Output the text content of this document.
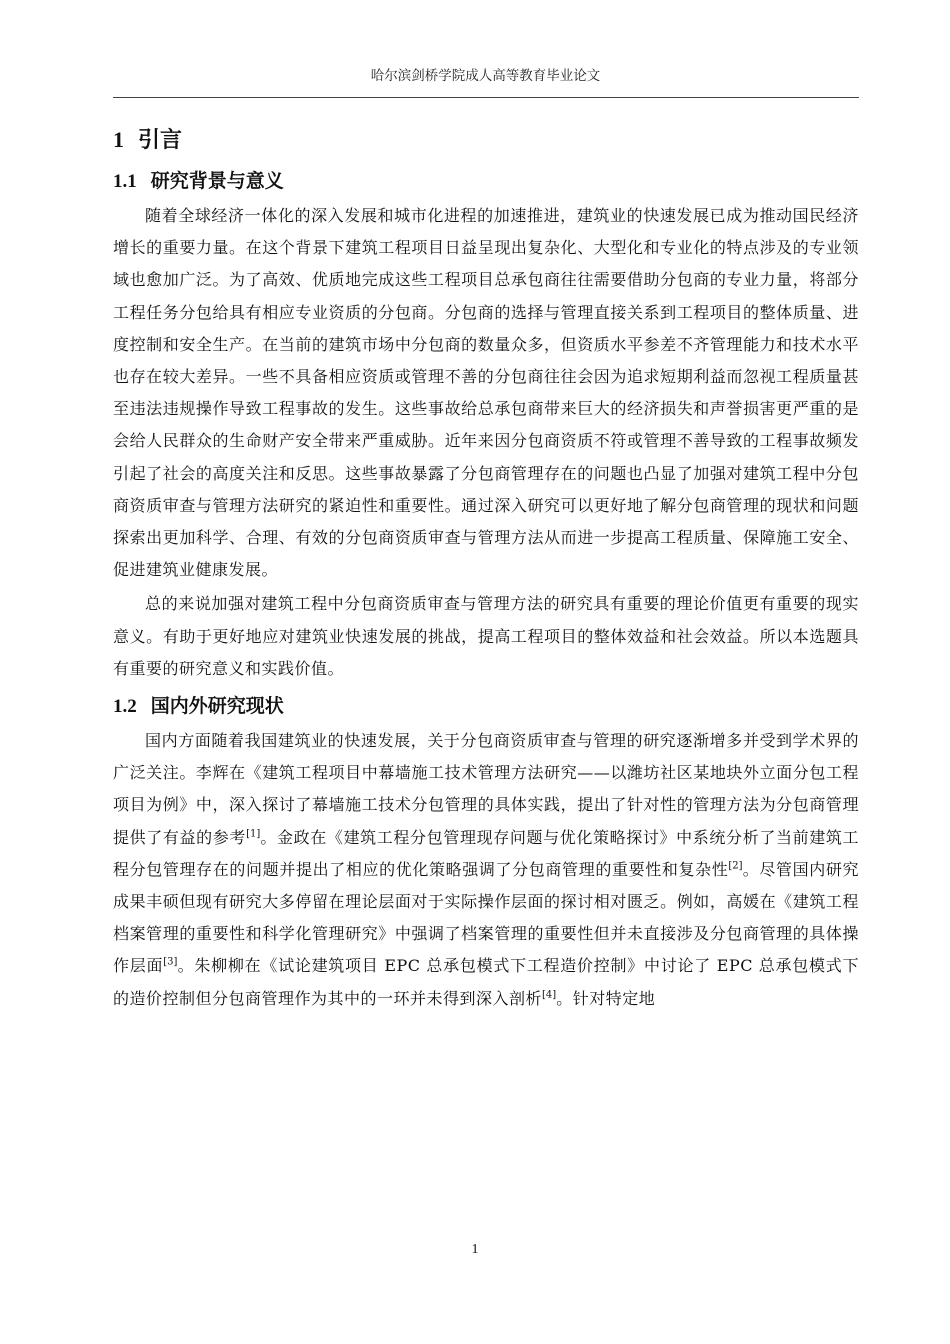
哈尔滨剑桥学院成人高等教育毕业论文
1 引言
1.1 研究背景与意义

随着全球经济一体化的深入发展和城市化进程的加速推进，建筑业的快速发展已成为推动国民经济增长的重要力量。在这个背景下建筑工程项目日益呈现出复杂化、大型化和专业化的特点涉及的专业领域也愈加广泛。为了高效、优质地完成这些工程项目总承包商往往需要借助分包商的专业力量，将部分工程任务分包给具有相应专业资质的分包商。分包商的选择与管理直接关系到工程项目的整体质量、进度控制和安全生产。在当前的建筑市场中分包商的数量众多，但资质水平参差不齐管理能力和技术水平也存在较大差异。一些不具备相应资质或管理不善的分包商往往会因为追求短期利益而忽视工程质量甚至违法违规操作导致工程事故的发生。这些事故给总承包商带来巨大的经济损失和声誉损害更严重的是会给人民群众的生命财产安全带来严重威胁。近年来因分包商资质不符或管理不善导致的工程事故频发引起了社会的高度关注和反思。这些事故暴露了分包商管理存在的问题也凸显了加强对建筑工程中分包商资质审查与管理方法研究的紧迫性和重要性。通过深入研究可以更好地了解分包商管理的现状和问题探索出更加科学、合理、有效的分包商资质审查与管理方法从而进一步提高工程质量、保障施工安全、促进建筑业健康发展。

总的来说加强对建筑工程中分包商资质审查与管理方法的研究具有重要的理论价值更有重要的现实意义。有助于更好地应对建筑业快速发展的挑战，提高工程项目的整体效益和社会效益。所以本选题具有重要的研究意义和实践价值。

1.2 国内外研究现状

国内方面随着我国建筑业的快速发展，关于分包商资质审查与管理的研究逐渐增多并受到学术界的广泛关注。李辉在《建筑工程项目中幕墙施工技术管理方法研究——以潍坊社区某地块外立面分包工程项目为例》中，深入探讨了幕墙施工技术分包管理的具体实践，提出了针对性的管理方法为分包商管理提供了有益的参考[1]。金政在《建筑工程分包管理现存问题与优化策略探讨》中系统分析了当前建筑工程分包管理存在的问题并提出了相应的优化策略强调了分包商管理的重要性和复杂性[2]。尽管国内研究成果丰硕但现有研究大多停留在理论层面对于实际操作层面的探讨相对匮乏。例如，高媛在《建筑工程档案管理的重要性和科学化管理研究》中强调了档案管理的重要性但并未直接涉及分包商管理的具体操作层面[3]。朱柳柳在《试论建筑项目 EPC 总承包模式下工程造价控制》中讨论了 EPC 总承包模式下的造价控制但分包商管理作为其中的一环并未得到深入剖析[4]。针对特定地

1
